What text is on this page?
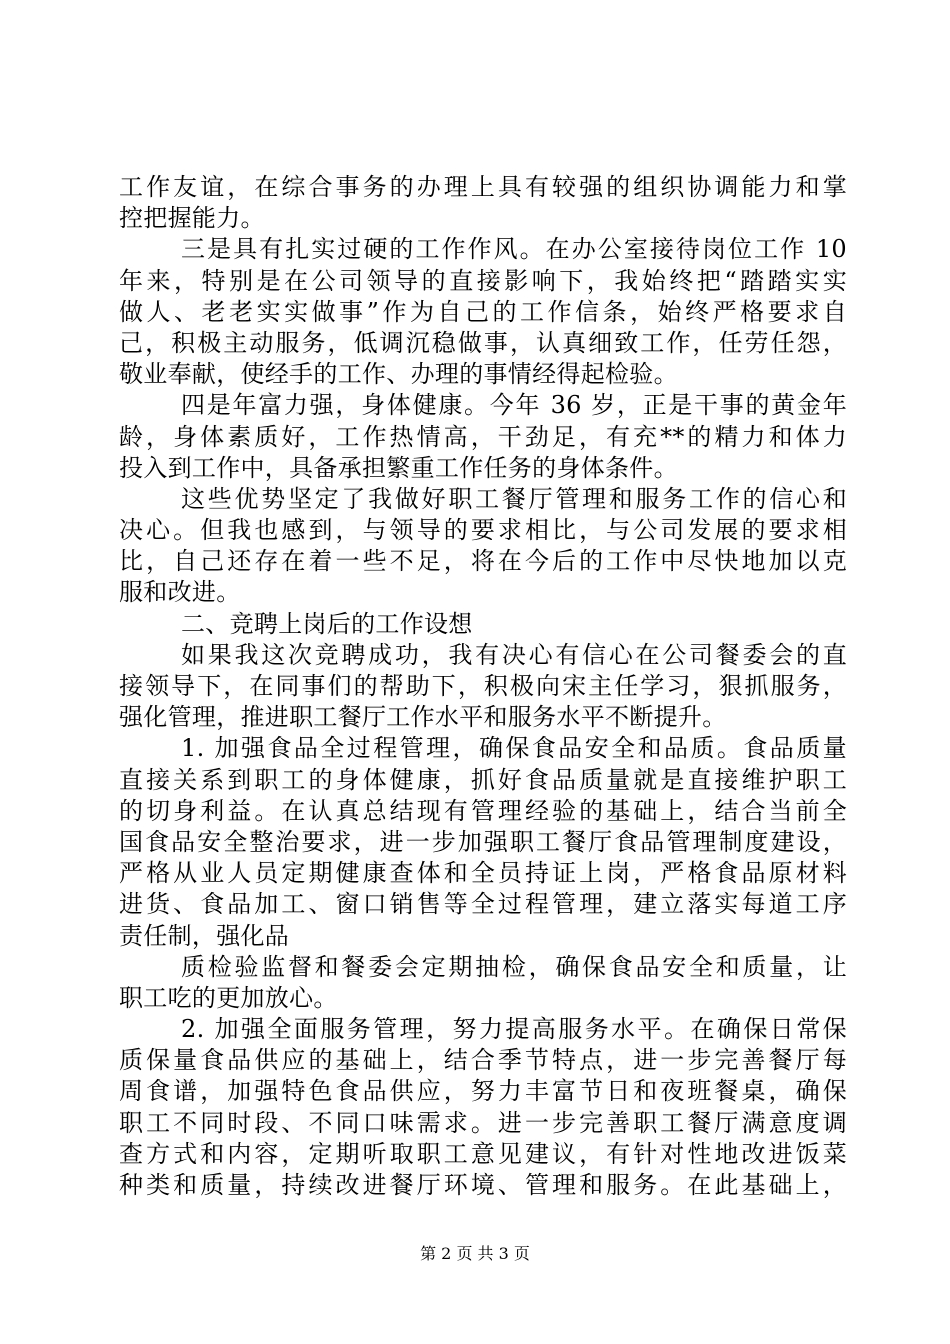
工作友谊，在综合事务的办理上具有较强的组织协调能力和掌
控把握能力。
三是具有扎实过硬的工作作风。在办公室接待岗位工作 10
年来，特别是在公司领导的直接影响下，我始终把“踏踏实实
做人、老老实实做事”作为自己的工作信条，始终严格要求自
己，积极主动服务，低调沉稳做事，认真细致工作，任劳任怨，
敬业奉献，使经手的工作、办理的事情经得起检验。
四是年富力强，身体健康。今年 36 岁，正是干事的黄金年
龄，身体素质好，工作热情高，干劲足，有充**的精力和体力
投入到工作中，具备承担繁重工作任务的身体条件。
这些优势坚定了我做好职工餐厅管理和服务工作的信心和
决心。但我也感到，与领导的要求相比，与公司发展的要求相
比，自己还存在着一些不足，将在今后的工作中尽快地加以克
服和改进。
二、竞聘上岗后的工作设想
如果我这次竞聘成功，我有决心有信心在公司餐委会的直
接领导下，在同事们的帮助下，积极向宋主任学习，狠抓服务，
强化管理，推进职工餐厅工作水平和服务水平不断提升。
1. 加强食品全过程管理，确保食品安全和品质。食品质量
直接关系到职工的身体健康，抓好食品质量就是直接维护职工
的切身利益。在认真总结现有管理经验的基础上，结合当前全
国食品安全整治要求，进一步加强职工餐厅食品管理制度建设，
严格从业人员定期健康查体和全员持证上岗，严格食品原材料
进货、食品加工、窗口销售等全过程管理，建立落实每道工序
责任制，强化品
质检验监督和餐委会定期抽检，确保食品安全和质量，让
职工吃的更加放心。
2. 加强全面服务管理，努力提高服务水平。在确保日常保
质保量食品供应的基础上，结合季节特点，进一步完善餐厅每
周食谱，加强特色食品供应，努力丰富节日和夜班餐桌，确保
职工不同时段、不同口味需求。进一步完善职工餐厅满意度调
查方式和内容，定期听取职工意见建议，有针对性地改进饭菜
种类和质量，持续改进餐厅环境、管理和服务。在此基础上，
第 2 页 共 3 页
